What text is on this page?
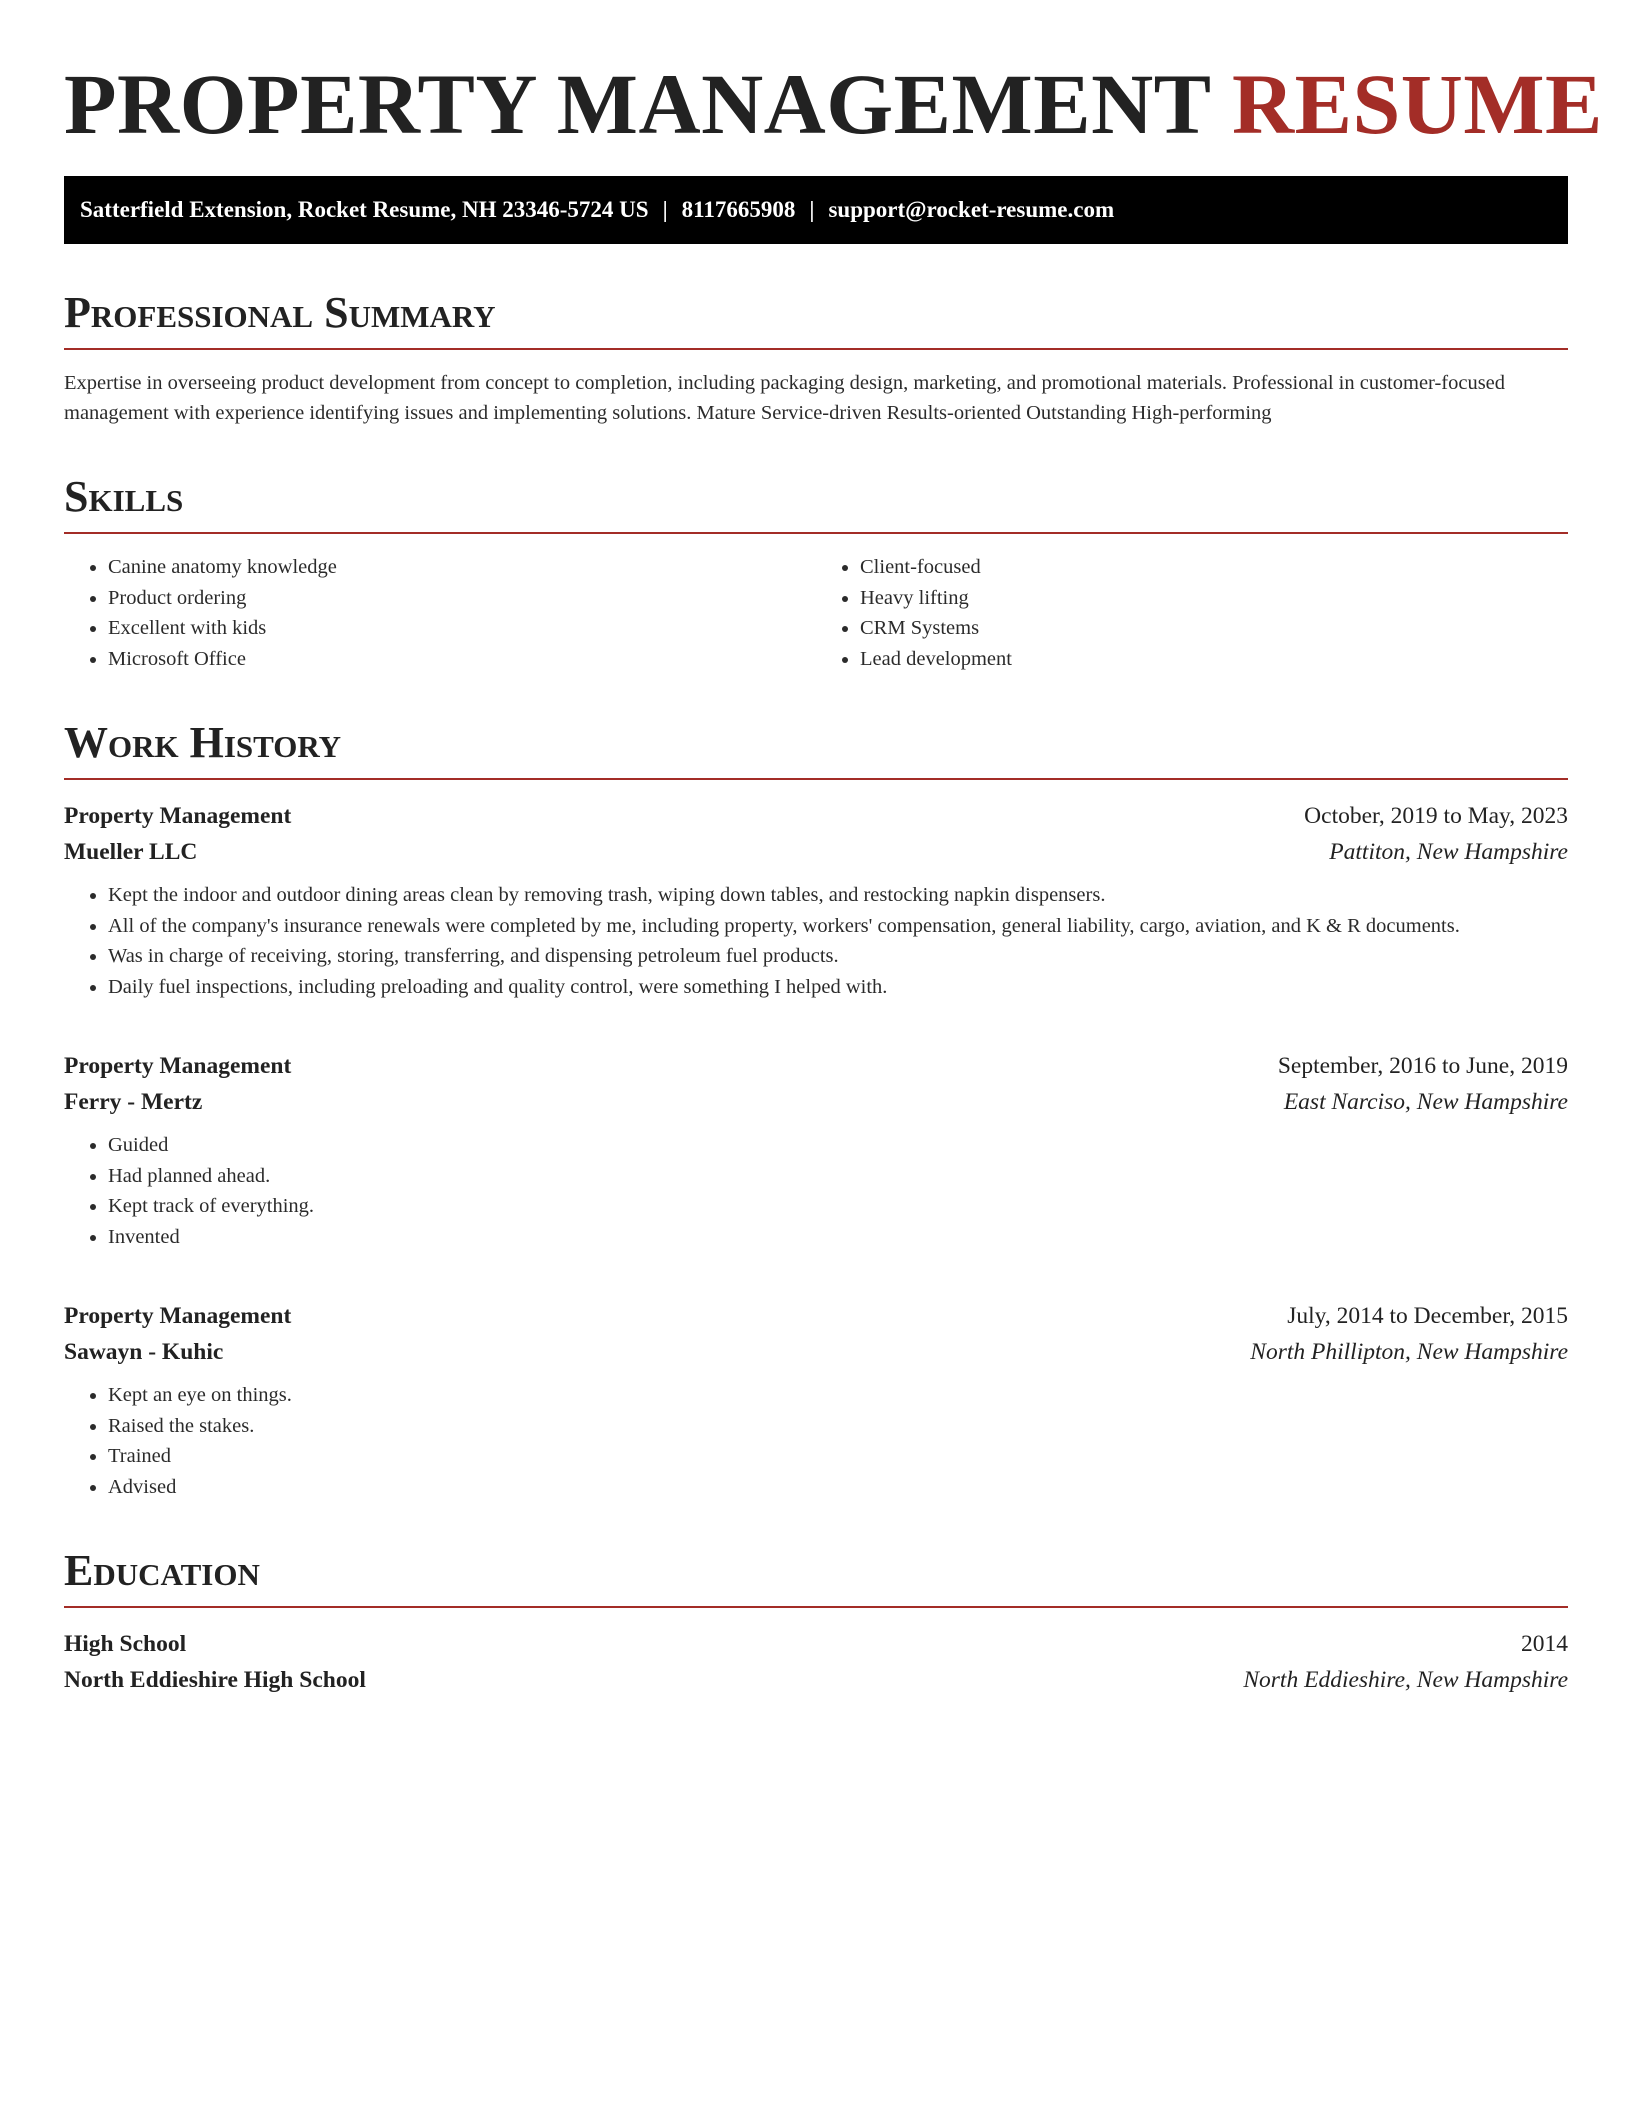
PROPERTY MANAGEMENT RESUME
Satterfield Extension, Rocket Resume, NH 23346-5724 US | 8117665908 | support@rocket-resume.com
Professional Summary

Expertise in overseeing product development from concept to completion, including packaging design, marketing, and promotional materials. Professional in customer-focused management with experience identifying issues and implementing solutions. Mature Service-driven Results-oriented Outstanding High-performing

Skills
• Canine anatomy knowledge
• Product ordering
• Excellent with kids
• Microsoft Office
• Client-focused
• Heavy lifting
• CRM Systems
• Lead development
Work History
Property Management	October, 2019 to May, 2023
Mueller LLC	Pattiton, New Hampshire
• Kept the indoor and outdoor dining areas clean by removing trash, wiping down tables, and restocking napkin dispensers.
• All of the company's insurance renewals were completed by me, including property, workers' compensation, general liability, cargo, aviation, and K & R documents.
• Was in charge of receiving, storing, transferring, and dispensing petroleum fuel products.
• Daily fuel inspections, including preloading and quality control, were something I helped with.
Property Management	September, 2016 to June, 2019
Ferry - Mertz	East Narciso, New Hampshire
• Guided
• Had planned ahead.
• Kept track of everything.
• Invented
Property Management	July, 2014 to December, 2015
Sawayn - Kuhic	North Phillipton, New Hampshire
• Kept an eye on things.
• Raised the stakes.
• Trained
• Advised
Education
High School	2014
North Eddieshire High School	North Eddieshire, New Hampshire
